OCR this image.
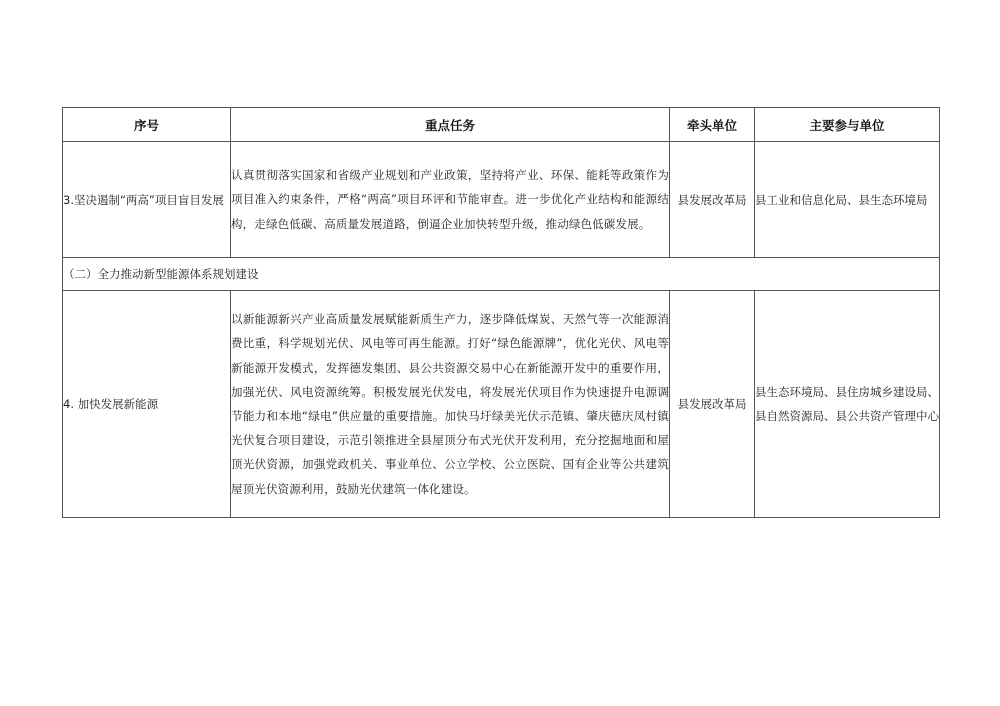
序号	重点任务	牵头单位	主要参与单位
3.坚决遏制“两高”项目盲目发展	认真贯彻落实国家和省级产业规划和产业政策，坚持将产业、环保、能耗等政策作为项目准入约束条件，严格“两高”项目环评和节能审查。进一步优化产业结构和能源结构，走绿色低碳、高质量发展道路，倒逼企业加快转型升级，推动绿色低碳发展。	县发展改革局	县工业和信息化局、县生态环境局
（二）全力推动新型能源体系规划建设			
4. 加快发展新能源	以新能源新兴产业高质量发展赋能新质生产力，逐步降低煤炭、天然气等一次能源消费比重，科学规划光伏、风电等可再生能源。打好“绿色能源牌”，优化光伏、风电等新能源开发模式，发挥德发集团、县公共资源交易中心在新能源开发中的重要作用，加强光伏、风电资源统筹。积极发展光伏发电，将发展光伏项目作为快速提升电源调节能力和本地“绿电”供应量的重要措施。加快马圩绿美光伏示范镇、肇庆德庆凤村镇光伏复合项目建设，示范引领推进全县屋顶分布式光伏开发利用，充分挖掘地面和屋顶光伏资源，加强党政机关、事业单位、公立学校、公立医院、国有企业等公共建筑屋顶光伏资源利用，鼓励光伏建筑一体化建设。	县发展改革局	县生态环境局、县住房城乡建设局、县自然资源局、县公共资产管理中心
